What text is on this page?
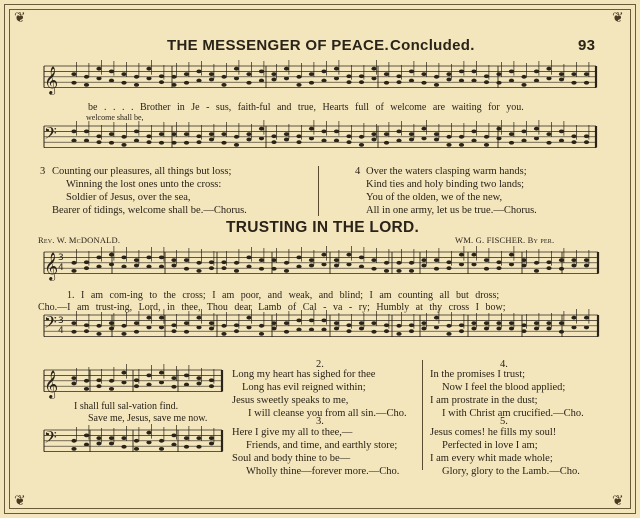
❦	❦
❦	❦
THE MESSENGER OF PEACE. Concluded.	93
𝄞
𝄢
𝄞
𝄢
𝄞
𝄢
3
4
3
4
be . . . . Brother in Je - sus, faith-ful and true, Hearts full of welcome are waiting for you.
welcome shall be,
3 Counting our pleasures, all things but loss;
Winning the lost ones unto the cross:
Soldier of Jesus, over the sea,
Bearer of tidings, welcome shall be.—Chorus.
4 Over the waters clasping warm hands;
Kind ties and holy binding two lands;
You of the olden, we of the new,
All in one army, let us be true.—Chorus.
TRUSTING IN THE LORD.
Rev. W. McDONALD.	WM. G. FISCHER. By per.
1. I am com-ing to the cross; I am poor, and weak, and blind; I am counting all but dross;
Cho.—I am trust-ing, Lord, in thee, Thou dear Lamb of Cal - va - ry; Humbly at thy cross I bow;
I shall full sal-vation find.
Save me, Jesus, save me now.
2.
Long my heart has sighed for thee
Long has evil reigned within;
Jesus sweetly speaks to me,
I will cleanse you from all sin.—Cho.
3.
Here I give my all to thee,—
Friends, and time, and earthly store;
Soul and body thine to be—
Wholly thine—forever more.—Cho.
4.
In the promises I trust;
Now I feel the blood applied;
I am prostrate in the dust;
I with Christ am crucified.—Cho.
5.
Jesus comes! he fills my soul!
Perfected in love I am;
I am every whit made whole;
Glory, glory to the Lamb.—Cho.
